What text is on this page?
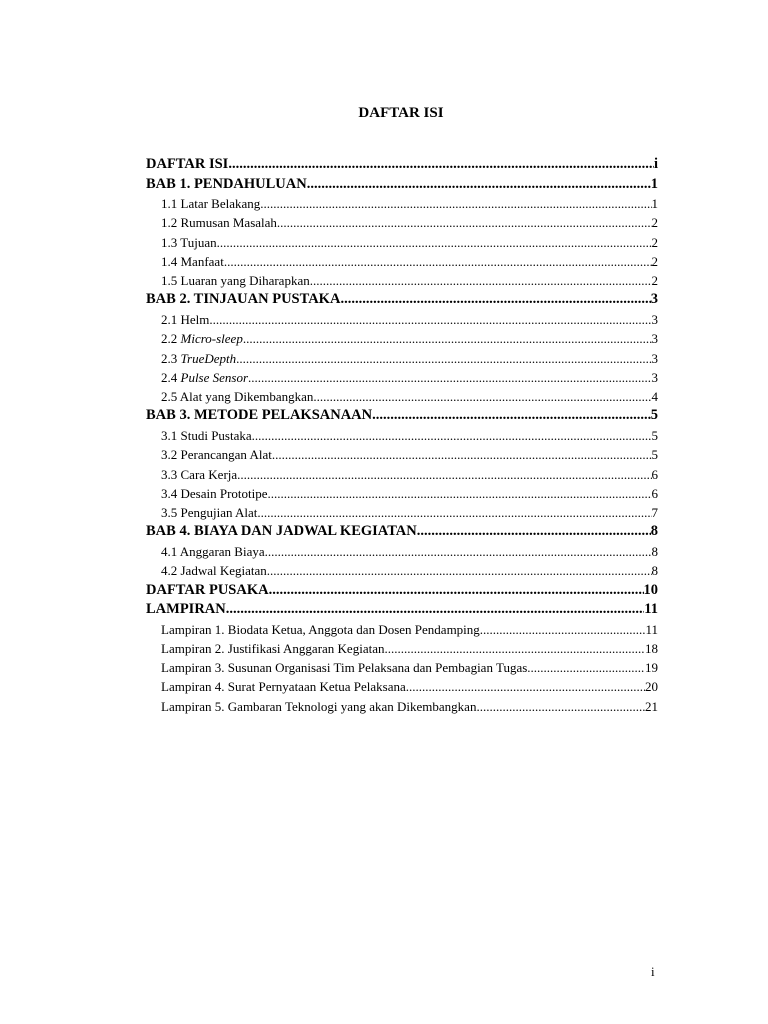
DAFTAR ISI
DAFTAR ISI .....	i
BAB 1. PENDAHULUAN .....	1
1.1 Latar Belakang .....	1
1.2 Rumusan Masalah .....	2
1.3 Tujuan .....	2
1.4 Manfaat .....	2
1.5 Luaran yang Diharapkan .....	2
BAB 2. TINJAUAN PUSTAKA .....	3
2.1 Helm .....	3
2.2 Micro-sleep .....	3
2.3 TrueDepth .....	3
2.4 Pulse Sensor .....	3
2.5 Alat yang Dikembangkan .....	4
BAB 3. METODE PELAKSANAAN .....	5
3.1 Studi Pustaka .....	5
3.2 Perancangan Alat .....	5
3.3 Cara Kerja .....	6
3.4 Desain Prototipe .....	6
3.5 Pengujian Alat .....	7
BAB 4. BIAYA DAN JADWAL KEGIATAN .....	8
4.1 Anggaran Biaya .....	8
4.2 Jadwal Kegiatan .....	8
DAFTAR PUSAKA .....	10
LAMPIRAN .....	11
Lampiran 1. Biodata Ketua, Anggota dan Dosen Pendamping .....	11
Lampiran 2. Justifikasi Anggaran Kegiatan .....	18
Lampiran 3. Susunan Organisasi Tim Pelaksana dan Pembagian Tugas .....	19
Lampiran 4. Surat Pernyataan Ketua Pelaksana .....	20
Lampiran 5. Gambaran Teknologi yang akan Dikembangkan .....	21
i
